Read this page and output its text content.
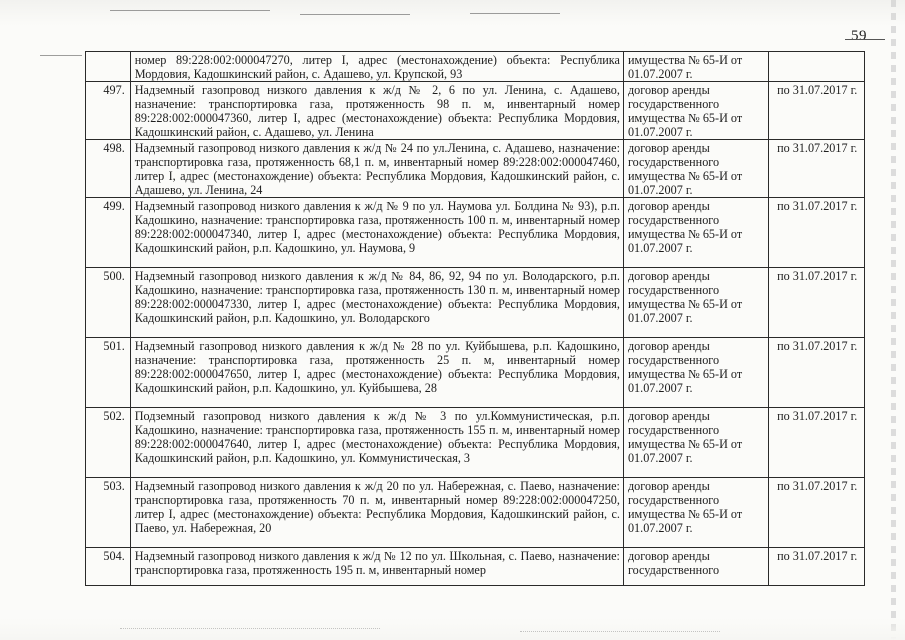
59
	номер 89:228:002:000047270, литер I, адрес (местонахождение) объекта: Республика Мордовия, Кадошкинский район, с. Адашево, ул. Крупской, 93	имущества № 65-И от 01.07.2007 г.	
497.	Надземный газопровод низкого давления к ж/д № 2, 6 по ул. Ленина, с. Адашево, назначение: транспортировка газа, протяженность 98 п. м, инвентарный номер 89:228:002:000047360, литер I, адрес (местонахождение) объекта: Республика Мордовия, Кадошкинский район, с. Адашево, ул. Ленина	договор аренды государственного имущества № 65-И от 01.07.2007 г.	по 31.07.2017 г.
498.	Надземный газопровод низкого давления к ж/д № 24 по ул.Ленина, с. Адашево, назначение: транспортировка газа, протяженность 68,1 п. м, инвентарный номер 89:228:002:000047460, литер I, адрес (местонахождение) объекта: Республика Мордовия, Кадошкинский район, с. Адашево, ул. Ленина, 24	договор аренды государственного имущества № 65-И от 01.07.2007 г.	по 31.07.2017 г.
499.	Надземный газопровод низкого давления к ж/д № 9 по ул. Наумова ул. Болдина № 93), р.п. Кадошкино, назначение: транспортировка газа, протяженность 100 п. м, инвентарный номер 89:228:002:000047340, литер I, адрес (местонахождение) объекта: Республика Мордовия, Кадошкинский район, р.п. Кадошкино, ул. Наумова, 9	договор аренды государственного имущества № 65-И от 01.07.2007 г.	по 31.07.2017 г.
500.	Надземный газопровод низкого давления к ж/д № 84, 86, 92, 94 по ул. Володарского, р.п. Кадошкино, назначение: транспортировка газа, протяженность 130 п. м, инвентарный номер 89:228:002:000047330, литер I, адрес (местонахождение) объекта: Республика Мордовия, Кадошкинский район, р.п. Кадошкино, ул. Володарского	договор аренды государственного имущества № 65-И от 01.07.2007 г.	по 31.07.2017 г.
501.	Надземный газопровод низкого давления к ж/д № 28 по ул. Куйбышева, р.п. Кадошкино, назначение: транспортировка газа, протяженность 25 п. м, инвентарный номер 89:228:002:000047650, литер I, адрес (местонахождение) объекта: Республика Мордовия, Кадошкинский район, р.п. Кадошкино, ул. Куйбышева, 28	договор аренды государственного имущества № 65-И от 01.07.2007 г.	по 31.07.2017 г.
502.	Подземный газопровод низкого давления к ж/д № 3 по ул.Коммунистическая, р.п. Кадошкино, назначение: транспортировка газа, протяженность 155 п. м, инвентарный номер 89:228:002:000047640, литер I, адрес (местонахождение) объекта: Республика Мордовия, Кадошкинский район, р.п. Кадошкино, ул. Коммунистическая, 3	договор аренды государственного имущества № 65-И от 01.07.2007 г.	по 31.07.2017 г.
503.	Надземный газопровод низкого давления к ж/д 20 по ул. Набережная, с. Паево, назначение: транспортировка газа, протяженность 70 п. м, инвентарный номер 89:228:002:000047250, литер I, адрес (местонахождение) объекта: Республика Мордовия, Кадошкинский район, с. Паево, ул. Набережная, 20	договор аренды государственного имущества № 65-И от 01.07.2007 г.	по 31.07.2017 г.
504.	Надземный газопровод низкого давления к ж/д № 12 по ул. Школьная, с. Паево, назначение: транспортировка газа, протяженность 195 п. м, инвентарный номер	договор аренды государственного	по 31.07.2017 г.
